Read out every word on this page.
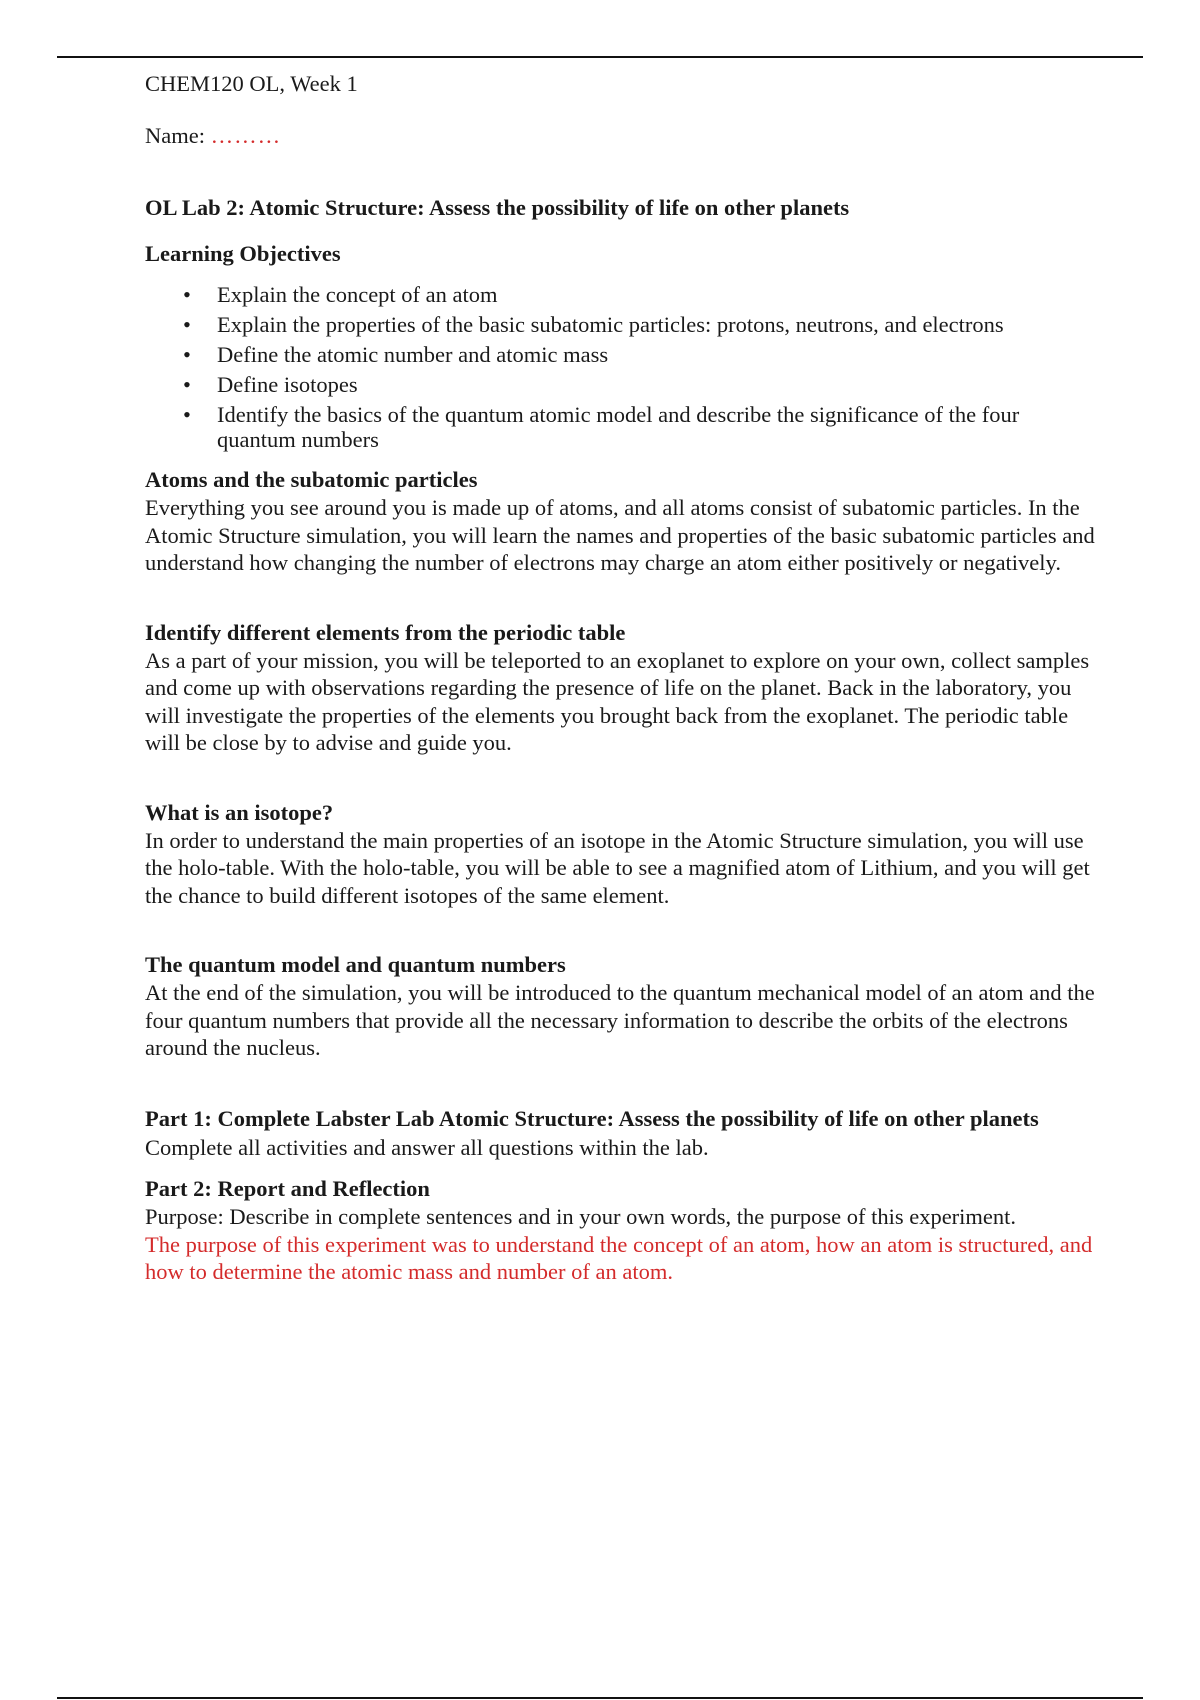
CHEM120 OL, Week 1

Name: ………

OL Lab 2: Atomic Structure: Assess the possibility of life on other planets
Learning Objectives
• Explain the concept of an atom
• Explain the properties of the basic subatomic particles: protons, neutrons, and electrons
• Define the atomic number and atomic mass
• Define isotopes
• Identify the basics of the quantum atomic model and describe the significance of the four quantum numbers
Atoms and the subatomic particles

Everything you see around you is made up of atoms, and all atoms consist of subatomic particles. In the Atomic Structure simulation, you will learn the names and properties of the basic subatomic particles and understand how changing the number of electrons may charge an atom either positively or negatively.

Identify different elements from the periodic table

As a part of your mission, you will be teleported to an exoplanet to explore on your own, collect samples and come up with observations regarding the presence of life on the planet. Back in the laboratory, you will investigate the properties of the elements you brought back from the exoplanet. The periodic table will be close by to advise and guide you.

What is an isotope?

In order to understand the main properties of an isotope in the Atomic Structure simulation, you will use the holo-table. With the holo-table, you will be able to see a magnified atom of Lithium, and you will get the chance to build different isotopes of the same element.

The quantum model and quantum numbers

At the end of the simulation, you will be introduced to the quantum mechanical model of an atom and the four quantum numbers that provide all the necessary information to describe the orbits of the electrons around the nucleus.

Part 1: Complete Labster Lab Atomic Structure: Assess the possibility of life on other planets

Complete all activities and answer all questions within the lab.

Part 2: Report and Reflection

Purpose: Describe in complete sentences and in your own words, the purpose of this experiment.

The purpose of this experiment was to understand the concept of an atom, how an atom is structured, and how to determine the atomic mass and number of an atom.
